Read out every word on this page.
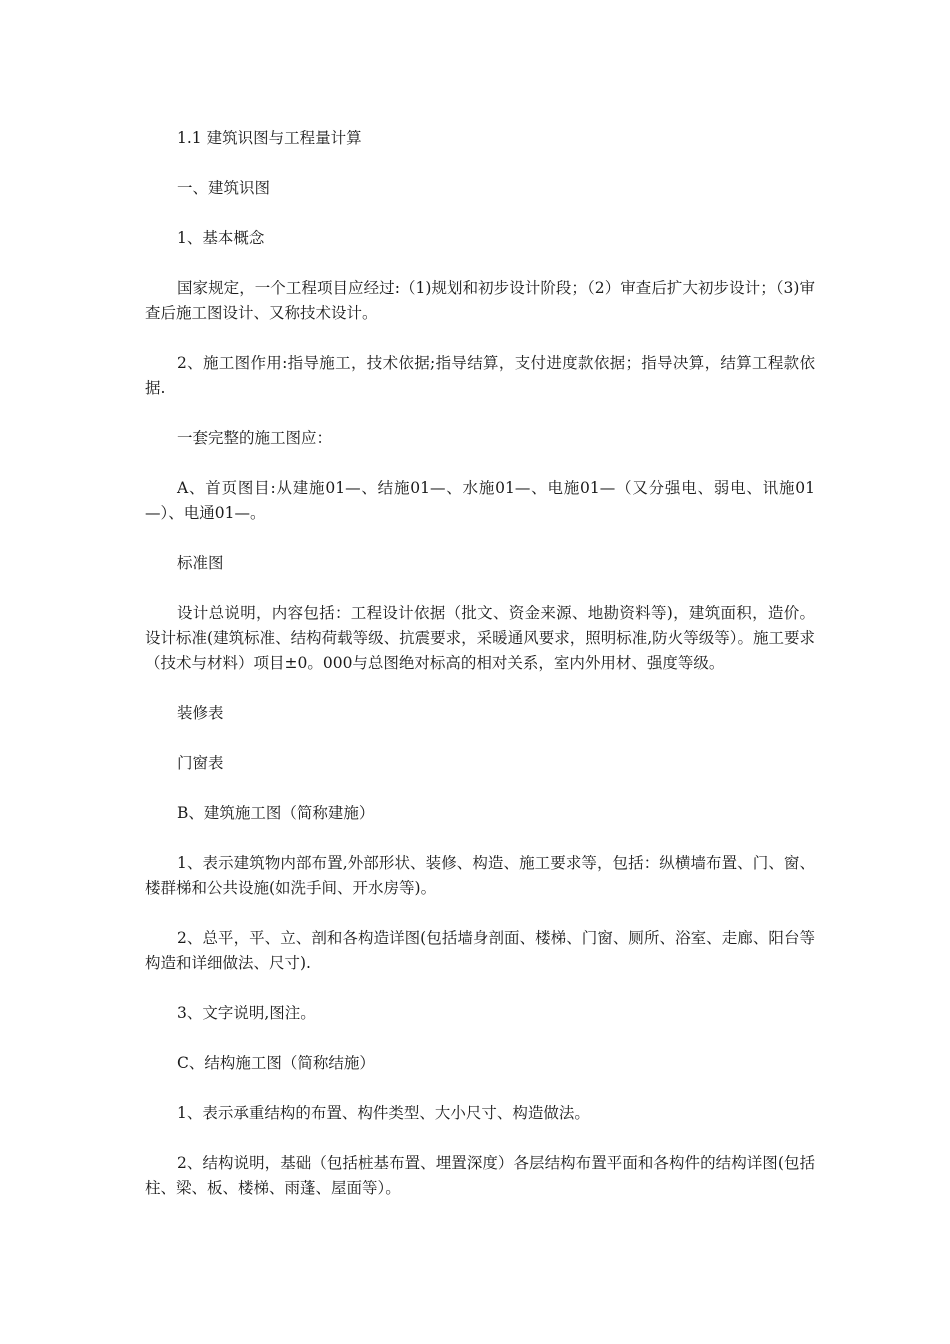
1.1 建筑识图与工程量计算

一、建筑识图

1、基本概念

国家规定，一个工程项目应经过:（1)规划和初步设计阶段；（2）审查后扩大初步设计；（3)审查后施工图设计、又称技术设计。

2、施工图作用:指导施工，技术依据;指导结算，支付进度款依据；指导决算，结算工程款依据.

一套完整的施工图应：

A、首页图目:从建施01—、结施01—、水施01—、电施01—（又分强电、弱电、讯施01—）、电通01—。

标准图

设计总说明，内容包括：工程设计依据（批文、资金来源、地勘资料等)，建筑面积，造价。设计标准(建筑标准、结构荷载等级、抗震要求，采暖通风要求，照明标准,防火等级等）。施工要求（技术与材料）项目±0。000与总图绝对标高的相对关系，室内外用材、强度等级。

装修表

门窗表

B、建筑施工图（简称建施）

1、表示建筑物内部布置,外部形状、装修、构造、施工要求等，包括：纵横墙布置、门、窗、楼群梯和公共设施(如洗手间、开水房等)。

2、总平，平、立、剖和各构造详图(包括墙身剖面、楼梯、门窗、厕所、浴室、走廊、阳台等构造和详细做法、尺寸).

3、文字说明,图注。

C、结构施工图（简称结施）

1、表示承重结构的布置、构件类型、大小尺寸、构造做法。

2、结构说明，基础（包括桩基布置、埋置深度）各层结构布置平面和各构件的结构详图(包括柱、梁、板、楼梯、雨蓬、屋面等）。
